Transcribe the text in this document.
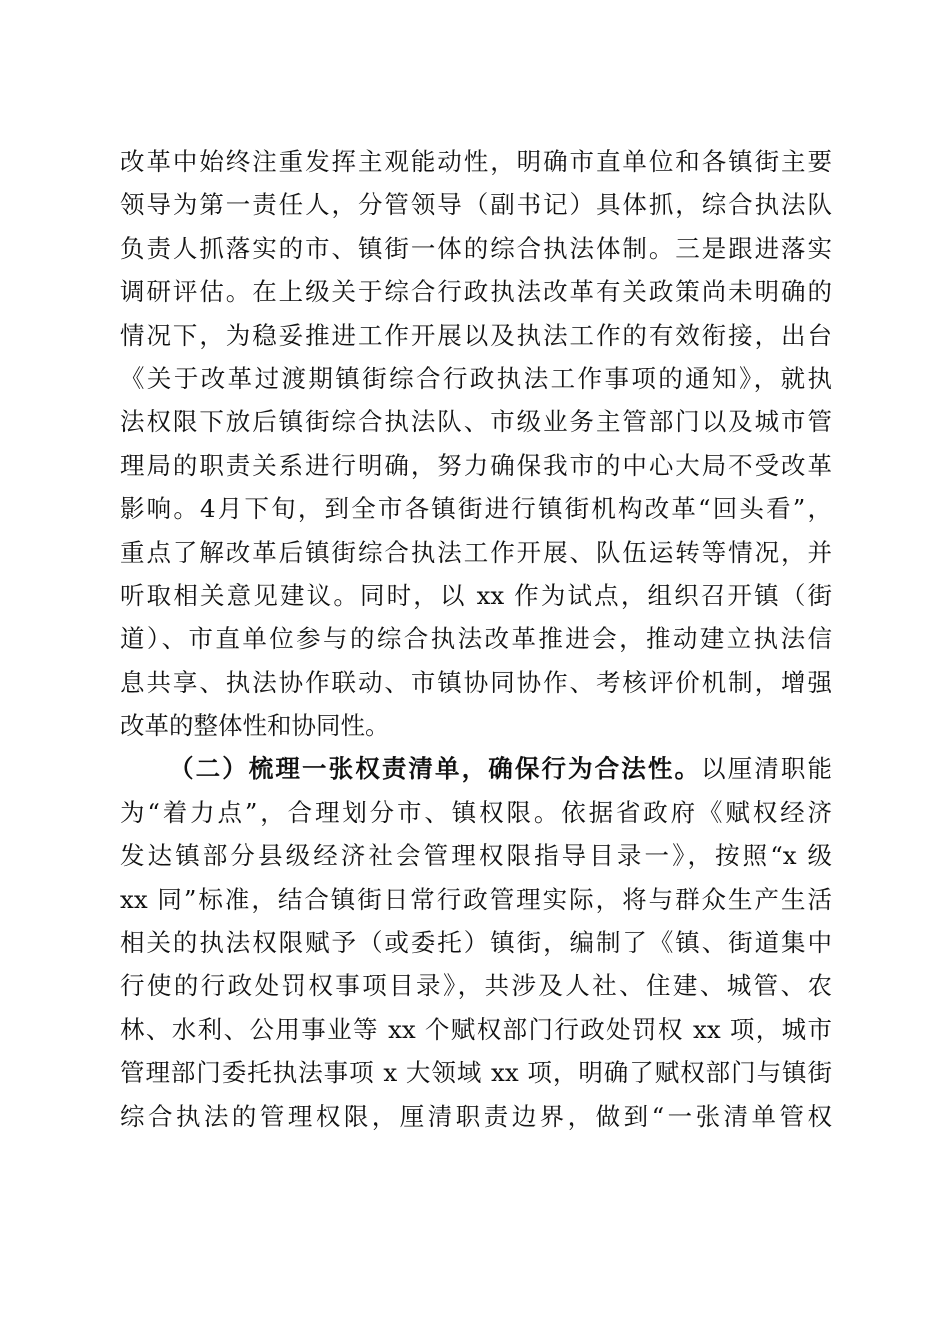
改革中始终注重发挥主观能动性，明确市直单位和各镇街主要
领导为第一责任人，分管领导（副书记）具体抓，综合执法队
负责人抓落实的市、镇街一体的综合执法体制。三是跟进落实
调研评估。在上级关于综合行政执法改革有关政策尚未明确的
情况下，为稳妥推进工作开展以及执法工作的有效衔接，出台
《关于改革过渡期镇街综合行政执法工作事项的通知》，就执
法权限下放后镇街综合执法队、市级业务主管部门以及城市管
理局的职责关系进行明确，努力确保我市的中心大局不受改革
影响。4月下旬，到全市各镇街进行镇街机构改革“回头看”，
重点了解改革后镇街综合执法工作开展、队伍运转等情况，并
听取相关意见建议。同时，以 xx 作为试点，组织召开镇（街
道）、市直单位参与的综合执法改革推进会，推动建立执法信
息共享、执法协作联动、市镇协同协作、考核评价机制，增强
改革的整体性和协同性。
（二）梳理一张权责清单，确保行为合法性。以厘清职能
为“着力点”，合理划分市、镇权限。依据省政府《赋权经济
发达镇部分县级经济社会管理权限指导目录一》，按照“x 级
xx 同”标准，结合镇街日常行政管理实际，将与群众生产生活
相关的执法权限赋予（或委托）镇街，编制了《镇、街道集中
行使的行政处罚权事项目录》，共涉及人社、住建、城管、农
林、水利、公用事业等 xx 个赋权部门行政处罚权 xx 项，城市
管理部门委托执法事项 x 大领域 xx 项，明确了赋权部门与镇街
综合执法的管理权限，厘清职责边界，做到“一张清单管权
